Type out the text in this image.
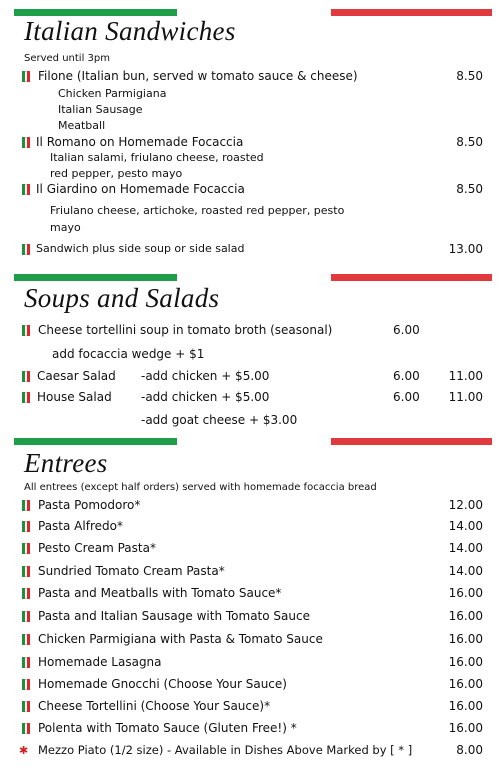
Italian Sandwiches
Served until 3pm
Filone (Italian bun, served w tomato sauce & cheese)	8.50
Chicken Parmigiana
Italian Sausage
Meatball
Il Romano on Homemade Focaccia	8.50
Italian salami, friulano cheese, roasted
red pepper, pesto mayo
Il Giardino on Homemade Focaccia	8.50
Friulano cheese, artichoke, roasted red pepper, pesto
mayo
Sandwich plus side soup or side salad	13.00
Soups and Salads
Cheese tortellini soup in tomato broth (seasonal)	6.00
add focaccia wedge + $1
Caesar Salad -add chicken + $5.00	6.00 11.00
House Salad -add chicken + $5.00	6.00 11.00
-add goat cheese + $3.00
Entrees
All entrees (except half orders) served with homemade focaccia bread
Pasta Pomodoro*	12.00
Pasta Alfredo*	14.00
Pesto Cream Pasta*	14.00
Sundried Tomato Cream Pasta*	14.00
Pasta and Meatballs with Tomato Sauce*	16.00
Pasta and Italian Sausage with Tomato Sauce	16.00
Chicken Parmigiana with Pasta & Tomato Sauce	16.00
Homemade Lasagna	16.00
Homemade Gnocchi (Choose Your Sauce)	16.00
Cheese Tortellini (Choose Your Sauce)*	16.00
Polenta with Tomato Sauce (Gluten Free!) *	16.00
✱ Mezzo Piato (1/2 size) - Available in Dishes Above Marked by [ * ]	8.00
